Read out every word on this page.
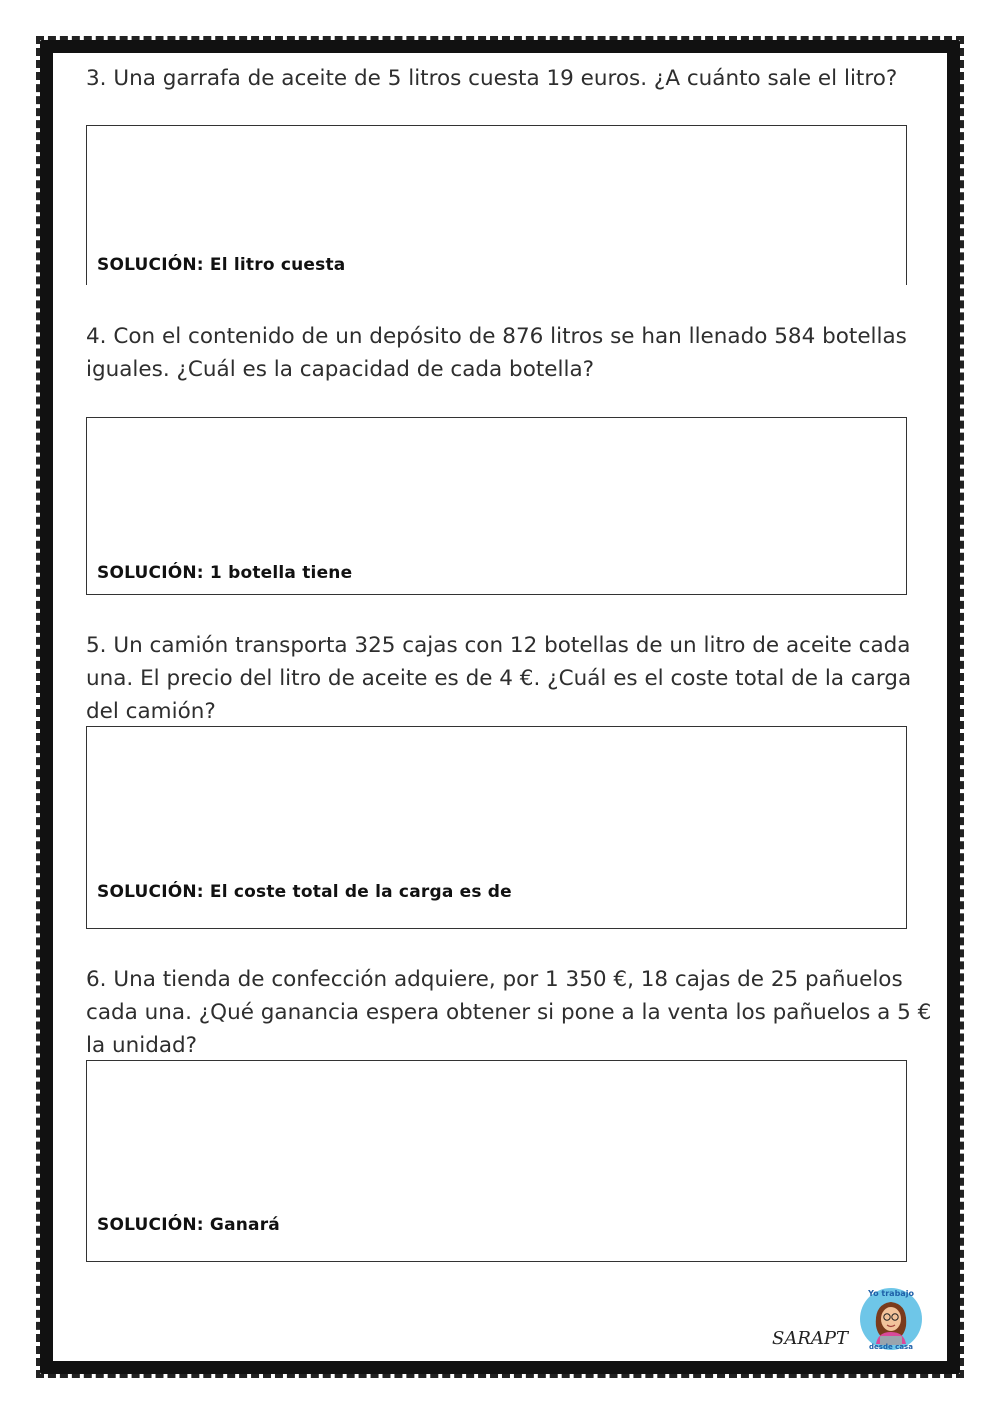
3. Una garrafa de aceite de 5 litros cuesta 19 euros. ¿A cuánto sale el litro?

SOLUCIÓN: El litro cuesta

4. Con el contenido de un depósito de 876 litros se han llenado 584 botellas iguales. ¿Cuál es la capacidad de cada botella?

SOLUCIÓN: 1 botella tiene

5. Un camión transporta 325 cajas con 12 botellas de un litro de aceite cada una. El precio del litro de aceite es de 4 €. ¿Cuál es el coste total de la carga del camión?

SOLUCIÓN: El coste total de la carga es de

6. Una tienda de confección adquiere, por 1 350 €, 18 cajas de 25 pañuelos cada una. ¿Qué ganancia espera obtener si pone a la venta los pañuelos a 5 € la unidad?

SOLUCIÓN: Ganará
SARAPT
Yo trabajo
desde casa
